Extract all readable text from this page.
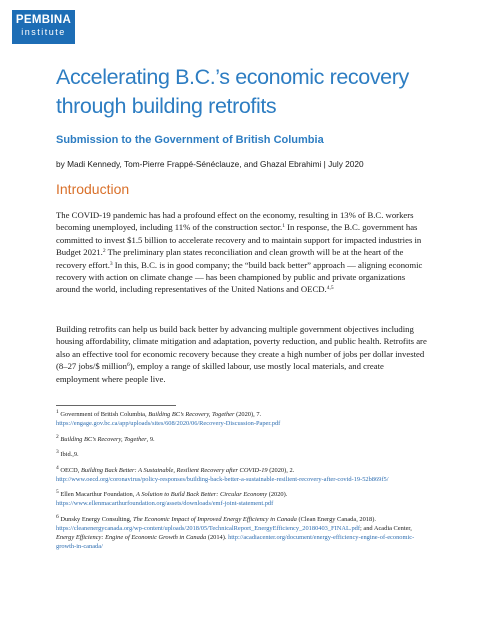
PEMBINA
institute
Accelerating B.C.’s economic recovery through building retrofits
Submission to the Government of British Columbia
by Madi Kennedy, Tom-Pierre Frappé-Sénéclauze, and Ghazal Ebrahimi | July 2020
Introduction

The COVID-19 pandemic has had a profound effect on the economy, resulting in 13% of B.C. workers becoming unemployed, including 11% of the construction sector.$^1$ In response, the B.C. government has committed to invest $1.5 billion to accelerate recovery and to maintain support for impacted industries in Budget 2021.$^2$ The preliminary plan states reconciliation and clean growth will be at the heart of the recovery effort.$^3$ In this, B.C. is in good company; the “build back better” approach — aligning economic recovery with action on climate change — has been championed by public and private organizations around the world, including representatives of the United Nations and OECD.$^{4,5}$

Building retrofits can help us build back better by advancing multiple government objectives including housing affordability, climate mitigation and adaptation, poverty reduction, and public health. Retrofits are also an effective tool for economic recovery because they create a high number of jobs per dollar invested (8–27 jobs/$ million$^6$), employ a range of skilled labour, use mostly local materials, and create employment where people live.

$^1$ Government of British Columbia, Building BC’s Recovery, Together (2020), 7.
https://engage.gov.bc.ca/app/uploads/sites/608/2020/06/Recovery-Discussion-Paper.pdf

$^2$ Building BC’s Recovery, Together, 9.

$^3$ Ibid.,9.

$^4$ OECD, Building Back Better: A Sustainable, Resilient Recovery after COVID-19 (2020), 2.
http://www.oecd.org/coronavirus/policy-responses/building-back-better-a-sustainable-resilient-recovery-after-covid-19-52b869f5/

$^5$ Ellen Macarthur Foundation, A Solution to Build Back Better: Circular Economy (2020).
https://www.ellenmacarthurfoundation.org/assets/downloads/emf-joint-statement.pdf

$^6$ Dunsky Energy Consulting, The Economic Impact of Improved Energy Efficiency in Canada (Clean Energy Canada, 2018). https://cleanenergycanada.org/wp-content/uploads/2018/05/TechnicalReport_EnergyEfficiency_20180403_FINAL.pdf; and Acadia Center, Energy Efficiency: Engine of Economic Growth in Canada (2014). http://acadiacenter.org/document/energy-efficiency-engine-of-economic-growth-in-canada/
